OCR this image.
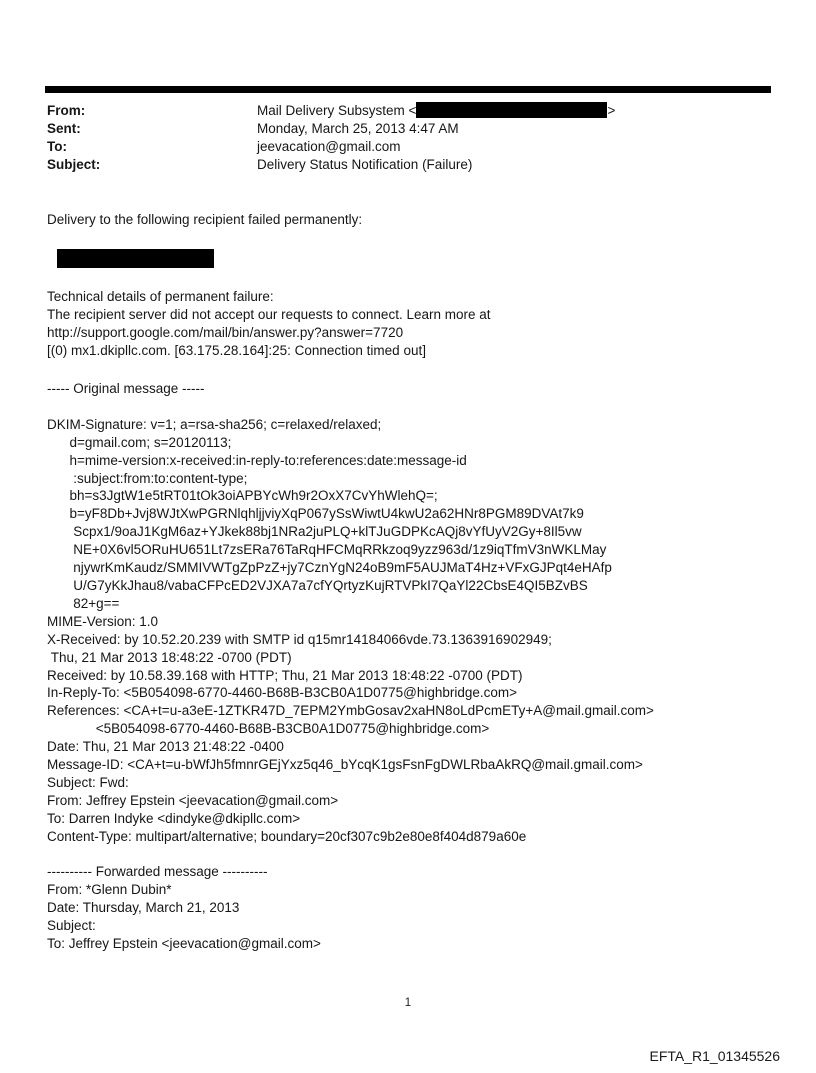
From:	Mail Delivery Subsystem <	>
Sent:	Monday, March 25, 2013 4:47 AM
To:	jeevacation@gmail.com
Subject:	Delivery Status Notification (Failure)
Delivery to the following recipient failed permanently:
Technical details of permanent failure:
The recipient server did not accept our requests to connect. Learn more at
http://support.google.com/mail/bin/answer.py?answer=7720
[(0) mx1.dkipllc.com. [63.175.28.164]:25: Connection timed out]
----- Original message -----

DKIM-Signature: v=1; a=rsa-sha256; c=relaxed/relaxed;
d=gmail.com; s=20120113;
h=mime-version:x-received:in-reply-to:references:date:message-id
:subject:from:to:content-type;
bh=s3JgtW1e5tRT01tOk3oiAPBYcWh9r2OxX7CvYhWlehQ=;
b=yF8Db+Jvj8WJtXwPGRNlqhljjviyXqP067ySsWiwtU4kwU2a62HNr8PGM89DVAt7k9
Scpx1/9oaJ1KgM6az+YJkek88bj1NRa2juPLQ+klTJuGDPKcAQj8vYfUyV2Gy+8Il5vw
NE+0X6vl5ORuHU651Lt7zsERa76TaRqHFCMqRRkzoq9yzz963d/1z9iqTfmV3nWKLMay
njywrKmKaudz/SMMIVWTgZpPzZ+jy7CznYgN24oB9mF5AUJMaT4Hz+VFxGJPqt4eHAfp
U/G7yKkJhau8/vabaCFPcED2VJXA7a7cfYQrtyzKujRTVPkI7QaYl22CbsE4QI5BZvBS
82+g==
MIME-Version: 1.0
X-Received: by 10.52.20.239 with SMTP id q15mr14184066vde.73.1363916902949;
Thu, 21 Mar 2013 18:48:22 -0700 (PDT)
Received: by 10.58.39.168 with HTTP; Thu, 21 Mar 2013 18:48:22 -0700 (PDT)
In-Reply-To: <5B054098-6770-4460-B68B-B3CB0A1D0775@highbridge.com>
References: <CA+t=u-a3eE-1ZTKR47D_7EPM2YmbGosav2xaHN8oLdPcmETy+A@mail.gmail.com>
<5B054098-6770-4460-B68B-B3CB0A1D0775@highbridge.com>
Date: Thu, 21 Mar 2013 21:48:22 -0400
Message-ID: <CA+t=u-bWfJh5fmnrGEjYxz5q46_bYcqK1gsFsnFgDWLRbaAkRQ@mail.gmail.com>
Subject: Fwd:
From: Jeffrey Epstein <jeevacation@gmail.com>
To: Darren Indyke <dindyke@dkipllc.com>
Content-Type: multipart/alternative; boundary=20cf307c9b2e80e8f404d879a60e

---------- Forwarded message ----------
From: *Glenn Dubin*
Date: Thursday, March 21, 2013
Subject:
To: Jeffrey Epstein <jeevacation@gmail.com>
1
EFTA_R1_01345526
